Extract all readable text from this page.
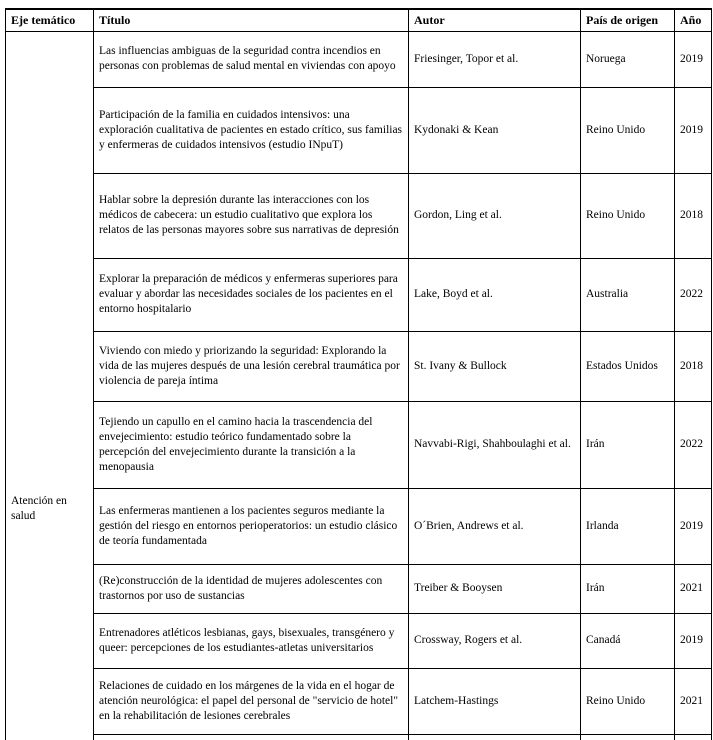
Eje temático	Título	Autor	País de origen	Año

Atención en salud	Las influencias ambiguas de la seguridad contra incendios en personas con problemas de salud mental en viviendas con apoyo	Friesinger, Topor et al.	Noruega	2019
	Participación de la familia en cuidados intensivos: una exploración cualitativa de pacientes en estado crítico, sus familias y enfermeras de cuidados intensivos (estudio INpuT)	Kydonaki & Kean	Reino Unido	2019
	Hablar sobre la depresión durante las interacciones con los médicos de cabecera: un estudio cualitativo que explora los relatos de las personas mayores sobre sus narrativas de depresión	Gordon, Ling et al.	Reino Unido	2018
	Explorar la preparación de médicos y enfermeras superiores para evaluar y abordar las necesidades sociales de los pacientes en el entorno hospitalario	Lake, Boyd et al.	Australia	2022
	Viviendo con miedo y priorizando la seguridad: Explorando la vida de las mujeres después de una lesión cerebral traumática por violencia de pareja íntima	St. Ivany & Bullock	Estados Unidos	2018
	Tejiendo un capullo en el camino hacia la trascendencia del envejecimiento: estudio teórico fundamentado sobre la percepción del envejecimiento durante la transición a la menopausia	Navvabi-Rigi, Shahboulaghi et al.	Irán	2022
	Las enfermeras mantienen a los pacientes seguros mediante la gestión del riesgo en entornos perioperatorios: un estudio clásico de teoría fundamentada	O´Brien, Andrews et al.	Irlanda	2019
	(Re)construcción de la identidad de mujeres adolescentes con trastornos por uso de sustancias	Treiber & Booysen	Irán	2021
	Entrenadores atléticos lesbianas, gays, bisexuales, transgénero y queer: percepciones de los estudiantes-atletas universitarios	Crossway, Rogers et al.	Canadá	2019
	Relaciones de cuidado en los márgenes de la vida en el hogar de atención neurológica: el papel del personal de "servicio de hotel" en la rehabilitación de lesiones cerebrales	Latchem-Hastings	Reino Unido	2021
